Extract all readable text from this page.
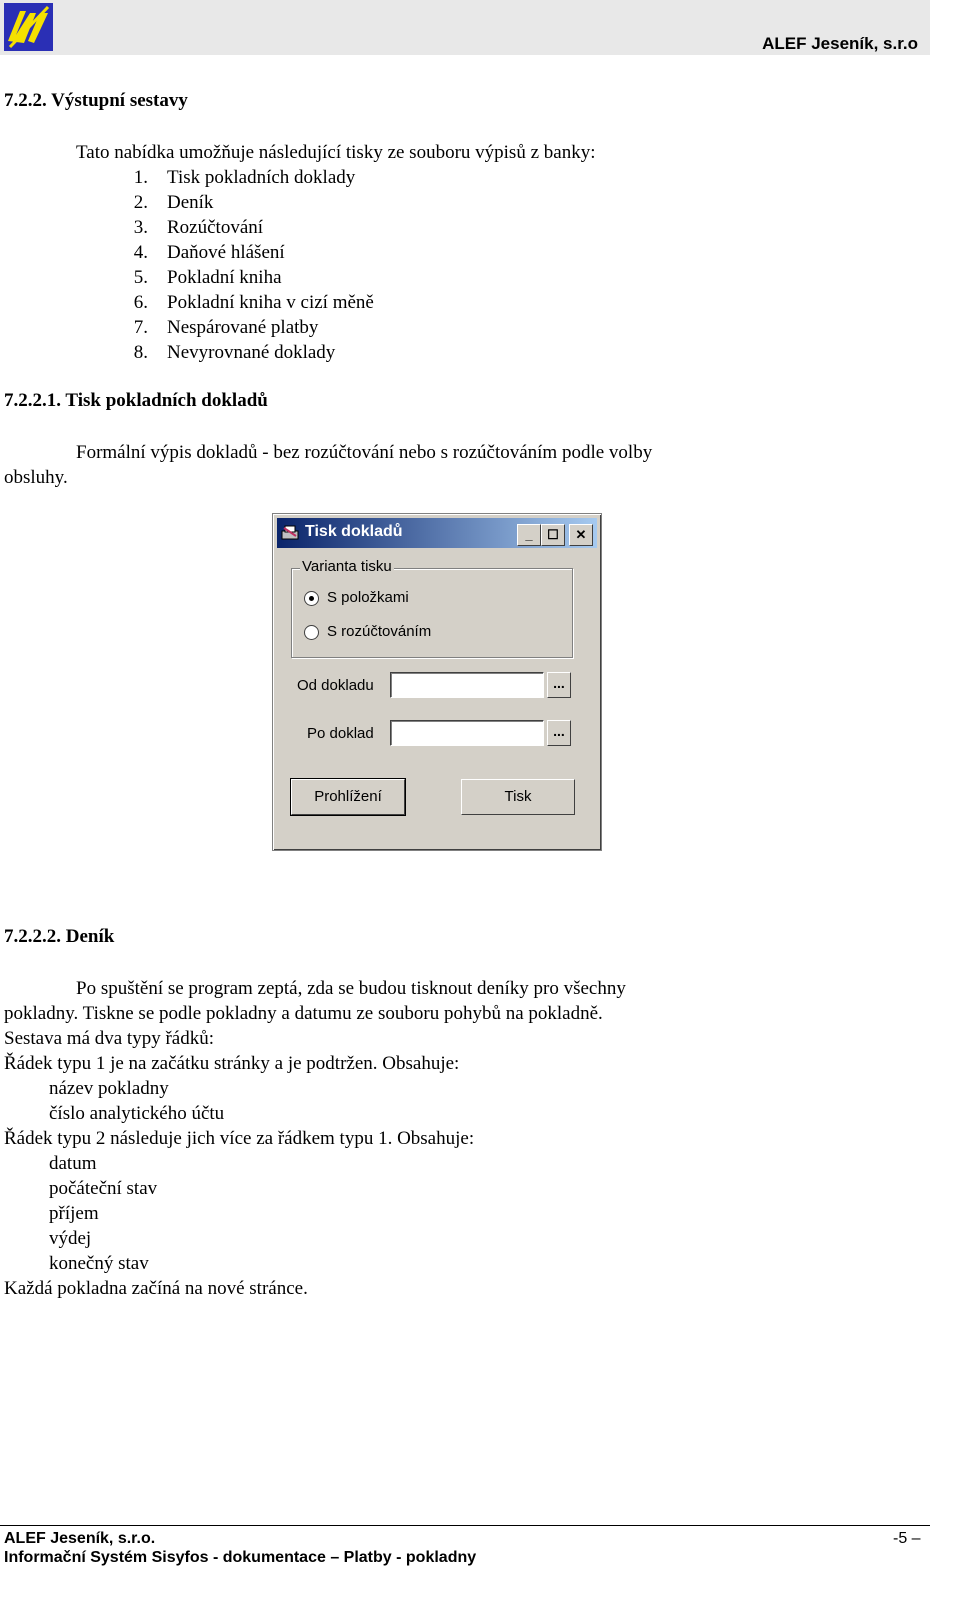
ALEF Jeseník, s.r.o
7.2.2. Výstupní sestavy
Tato nabídka umožňuje následující tisky ze souboru výpisů z banky:
1. Tisk pokladních doklady
2. Deník
3. Rozúčtování
4. Daňové hlášení
5. Pokladní kniha
6. Pokladní kniha v cizí měně
7. Nespárované platby
8. Nevyrovnané doklady
7.2.2.1. Tisk pokladních dokladů
Formální výpis dokladů - bez rozúčtování nebo s rozúčtováním podle volby
obsluhy.
Tisk dokladů	_	☐	✕
Varianta tisku
S položkami
S rozúčtováním
Od dokladu	...
Po doklad	...
Prohlížení	Tisk
7.2.2.2. Deník
Po spuštění se program zeptá, zda se budou tisknout deníky pro všechny
pokladny. Tiskne se podle pokladny a datumu ze souboru pohybů na pokladně.
Sestava má dva typy řádků:
Řádek typu 1 je na začátku stránky a je podtržen. Obsahuje:
název pokladny
číslo analytického účtu
Řádek typu 2 následuje jich více za řádkem typu 1. Obsahuje:
datum
počáteční stav
příjem
výdej
konečný stav
Každá pokladna začíná na nové stránce.
ALEF Jeseník, s.r.o.	-5 –
Informační Systém Sisyfos - dokumentace – Platby - pokladny
